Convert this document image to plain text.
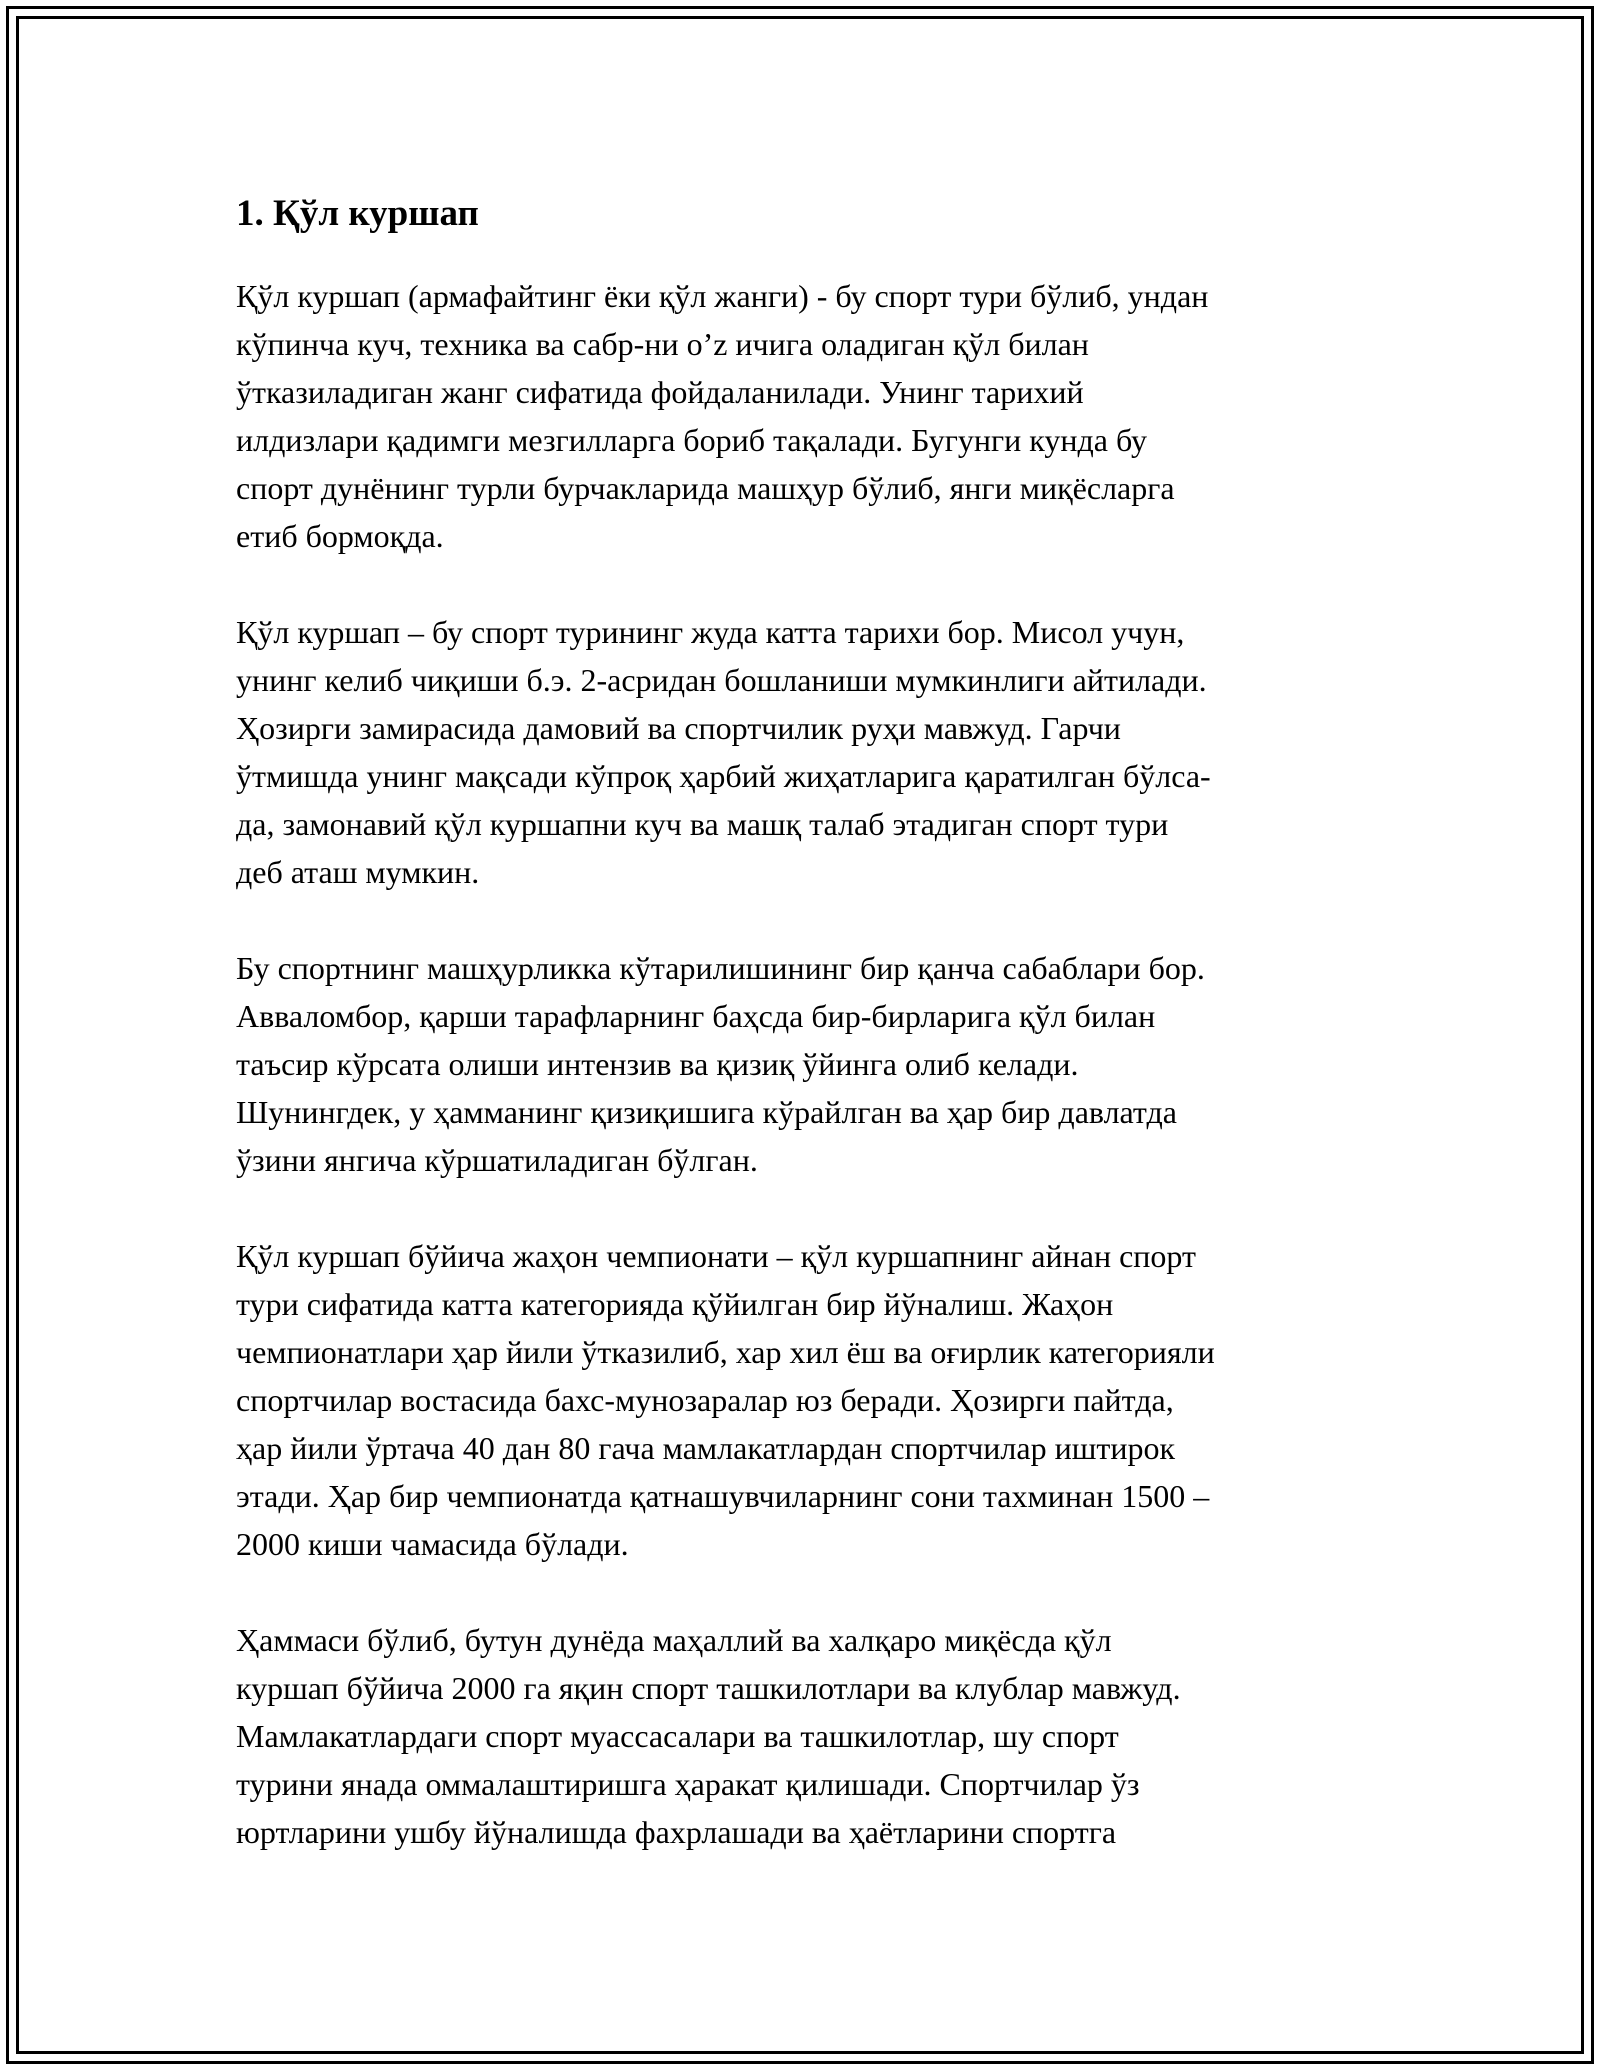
1. Қўл куршап

Қўл куршап (армафайтинг ёки қўл жанги) - бу спорт тури бўлиб, ундан
кўпинча куч, техника ва сабр-ни o’z ичига оладиган қўл билан
ўтказиладиган жанг сифатида фойдаланилади. Унинг тарихий
илдизлари қадимги мезгилларга бориб тақалади. Бугунги кунда бу
спорт дунёнинг турли бурчакларида машҳур бўлиб, янги миқёсларга
етиб бормоқда.

Қўл куршап – бу спорт турининг жуда катта тарихи бор. Мисол учун,
унинг келиб чиқиши б.э. 2-асридан бошланиши мумкинлиги айтилади.
Ҳозирги замирасида дамовий ва спортчилик руҳи мавжуд. Гарчи
ўтмишда унинг мақсади кўпроқ ҳарбий жиҳатларига қаратилган бўлса-
да, замонавий қўл куршапни куч ва машқ талаб этадиган спорт тури
деб аташ мумкин.

Бу спортнинг машҳурликка кўтарилишининг бир қанча сабаблари бор.
Авваломбор, қарши тарафларнинг баҳсда бир-бирларига қўл билан
таъсир кўрсата олиши интензив ва қизиқ ўйинга олиб келади.
Шунингдек, у ҳамманинг қизиқишига кўрайлган ва ҳар бир давлатда
ўзини янгича кўршатиладиган бўлган.

Қўл куршап бўйича жаҳон чемпионати – қўл куршапнинг айнан спорт
тури сифатида катта категорияда қўйилган бир йўналиш. Жаҳон
чемпионатлари ҳар йили ўтказилиб, хар хил ёш ва оғирлик категорияли
спортчилар востасида бахс-мунозаралар юз беради. Ҳозирги пайтда,
ҳар йили ўртача 40 дан 80 гача мамлакатлардан спортчилар иштирок
этади. Ҳар бир чемпионатда қатнашувчиларнинг сони тахминан 1500 –
2000 киши чамасида бўлади.

Ҳаммаси бўлиб, бутун дунёда маҳаллий ва халқаро миқёсда қўл
куршап бўйича 2000 га яқин спорт ташкилотлари ва клублар мавжуд.
Мамлакатлардаги спорт муассасалари ва ташкилотлар, шу спорт
турини янада оммалаштиришга ҳаракат қилишади. Спортчилар ўз
юртларини ушбу йўналишда фахрлашади ва ҳаётларини спортга
